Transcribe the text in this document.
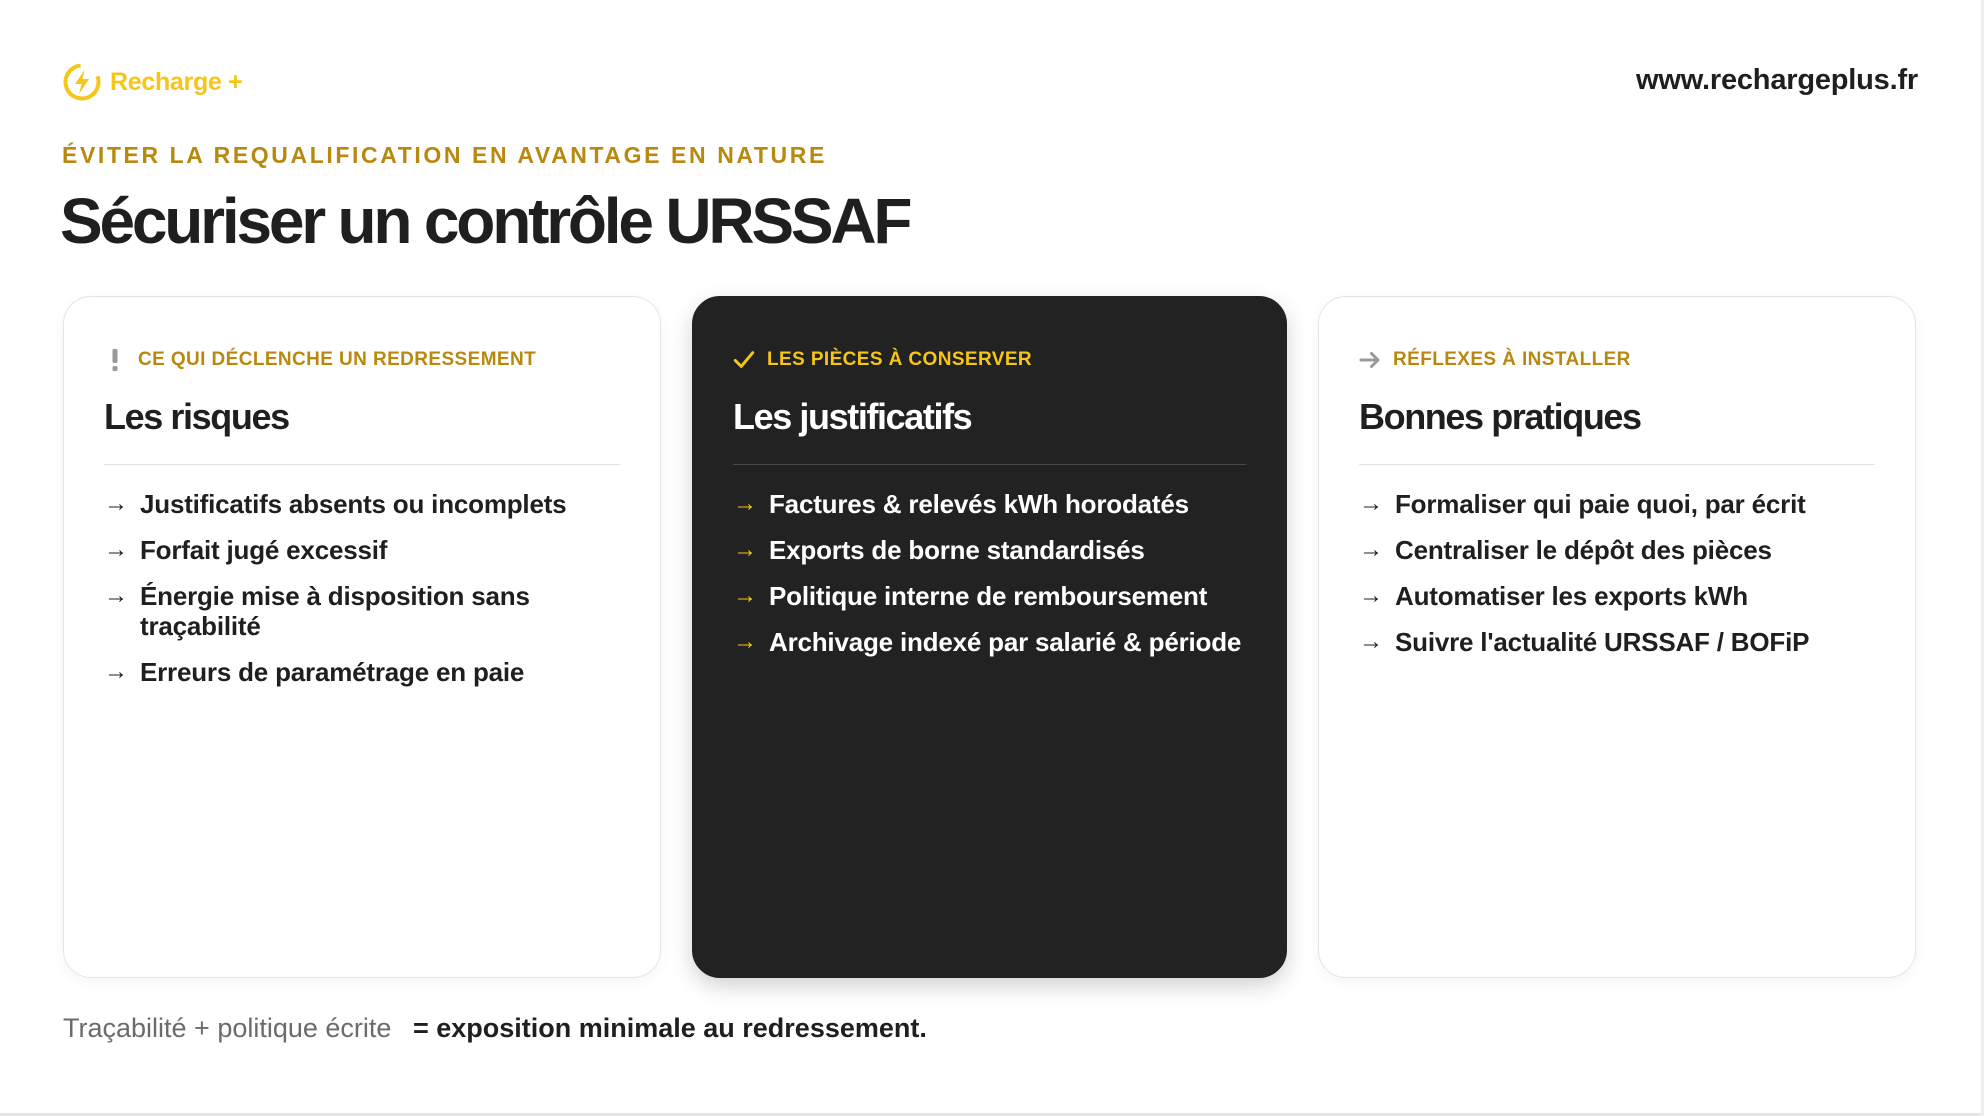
Recharge +	www.rechargeplus.fr
ÉVITER LA REQUALIFICATION EN AVANTAGE EN NATURE
Sécuriser un contrôle URSSAF
CE QUI DÉCLENCHE UN REDRESSEMENT
Les risques
→ Justificatifs absents ou incomplets
→ Forfait jugé excessif
→ Énergie mise à disposition sans traçabilité
→ Erreurs de paramétrage en paie
LES PIÈCES À CONSERVER
Les justificatifs
→ Factures & relevés kWh horodatés
→ Exports de borne standardisés
→ Politique interne de remboursement
→ Archivage indexé par salarié & période
RÉFLEXES À INSTALLER
Bonnes pratiques
→ Formaliser qui paie quoi, par écrit
→ Centraliser le dépôt des pièces
→ Automatiser les exports kWh
→ Suivre l'actualité URSSAF / BOFiP
Traçabilité + politique écrite = exposition minimale au redressement.
